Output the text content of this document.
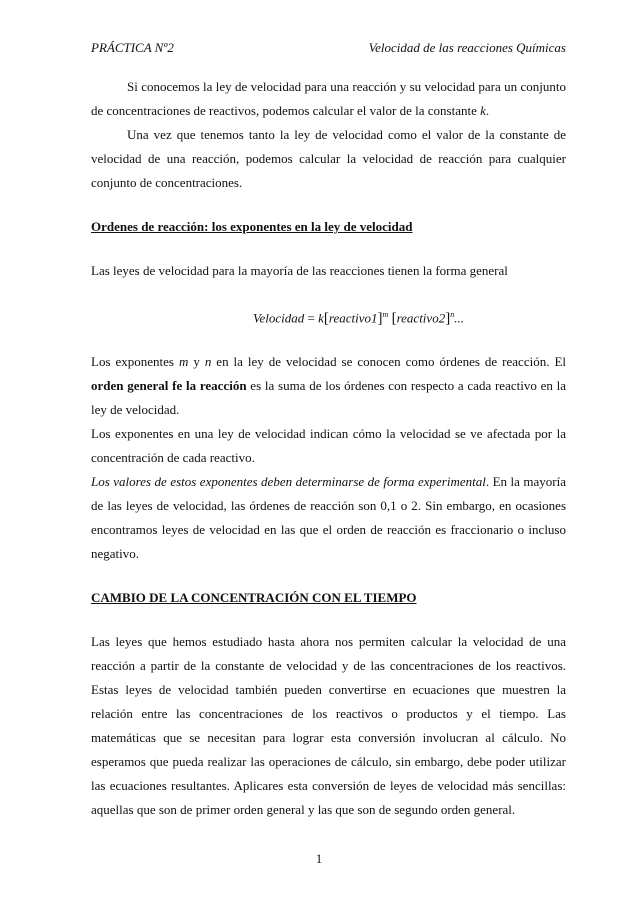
PRÁCTICA Nº2	Velocidad de las reacciones Químicas

Si conocemos la ley de velocidad para una reacción y su velocidad para un conjunto de concentraciones de reactivos, podemos calcular el valor de la constante k.

Una vez que tenemos tanto la ley de velocidad como el valor de la constante de velocidad de una reacción, podemos calcular la velocidad de reacción para cualquier conjunto de concentraciones.

Ordenes de reacción: los exponentes en la ley de velocidad

Las leyes de velocidad para la mayoría de las reacciones tienen la forma general

Velocidad = k[reactivo1]$^m$ [reactivo2]$^n$...

Los exponentes m y n en la ley de velocidad se conocen como órdenes de reacción. El orden general fe la reacción es la suma de los órdenes con respecto a cada reactivo en la ley de velocidad.

Los exponentes en una ley de velocidad indican cómo la velocidad se ve afectada por la concentración de cada reactivo.

Los valores de estos exponentes deben determinarse de forma experimental. En la mayoría de las leyes de velocidad, las órdenes de reacción son 0,1 o 2. Sin embargo, en ocasiones encontramos leyes de velocidad en las que el orden de reacción es fraccionario o incluso negativo.

CAMBIO DE LA CONCENTRACIÓN CON EL TIEMPO

Las leyes que hemos estudiado hasta ahora nos permiten calcular la velocidad de una reacción a partir de la constante de velocidad y de las concentraciones de los reactivos. Estas leyes de velocidad también pueden convertirse en ecuaciones que muestren la relación entre las concentraciones de los reactivos o productos y el tiempo. Las matemáticas que se necesitan para lograr esta conversión involucran al cálculo. No esperamos que pueda realizar las operaciones de cálculo, sin embargo, debe poder utilizar las ecuaciones resultantes. Aplicares esta conversión de leyes de velocidad más sencillas: aquellas que son de primer orden general y las que son de segundo orden general.

1
